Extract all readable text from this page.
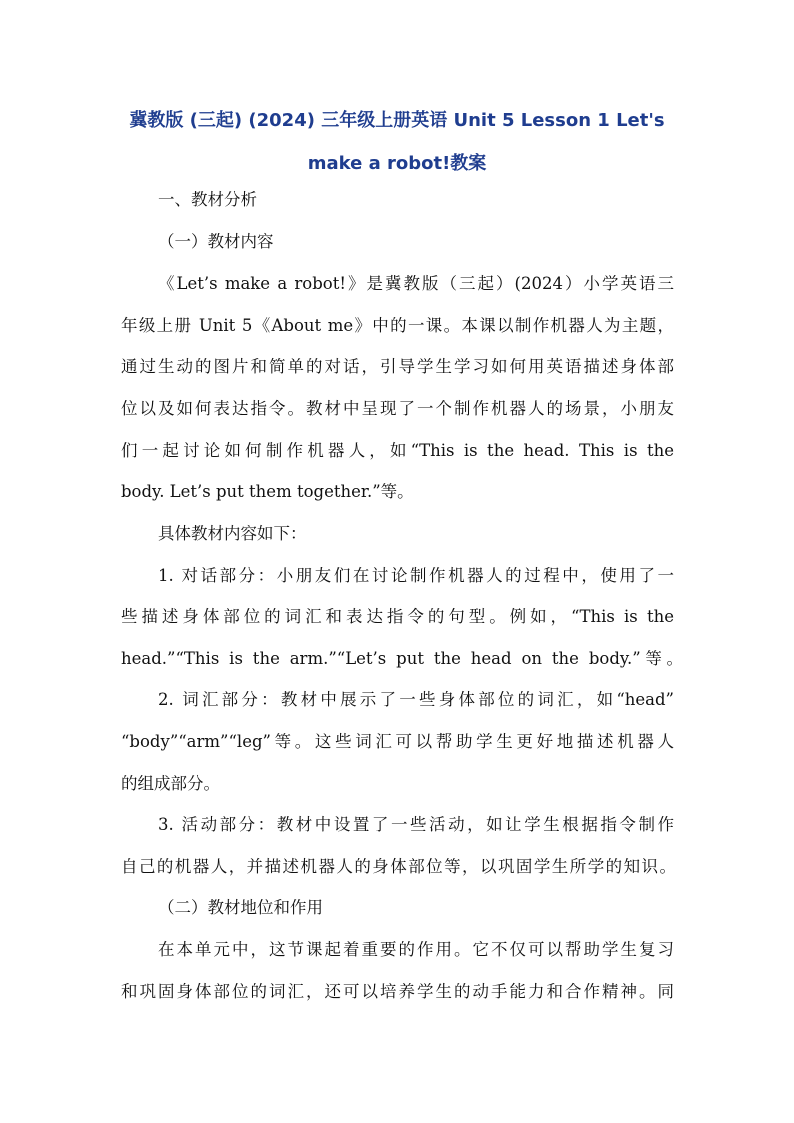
冀教版 (三起) (2024) 三年级上册英语 Unit 5 Lesson 1 Let's
make a robot!教案
一、教材分析
（一）教材内容
《Let’s make a robot!》是冀教版（三起）(2024）小学英语三
年级上册 Unit 5《About me》中的一课。本课以制作机器人为主题，
通过生动的图片和简单的对话，引导学生学习如何用英语描述身体部
位以及如何表达指令。教材中呈现了一个制作机器人的场景，小朋友
们一起讨论如何制作机器人，如“This is the head. This is the
body. Let’s put them together.”等。
具体教材内容如下：
1. 对话部分：小朋友们在讨论制作机器人的过程中，使用了一
些描述身体部位的词汇和表达指令的句型。例如，“This is the
head.”“This is the arm.”“Let’s put the head on the body.”等。
2. 词汇部分：教材中展示了一些身体部位的词汇，如“head”
“body”“arm”“leg”等。这些词汇可以帮助学生更好地描述机器人
的组成部分。
3. 活动部分：教材中设置了一些活动，如让学生根据指令制作
自己的机器人，并描述机器人的身体部位等，以巩固学生所学的知识。
（二）教材地位和作用
在本单元中，这节课起着重要的作用。它不仅可以帮助学生复习
和巩固身体部位的词汇，还可以培养学生的动手能力和合作精神。同
